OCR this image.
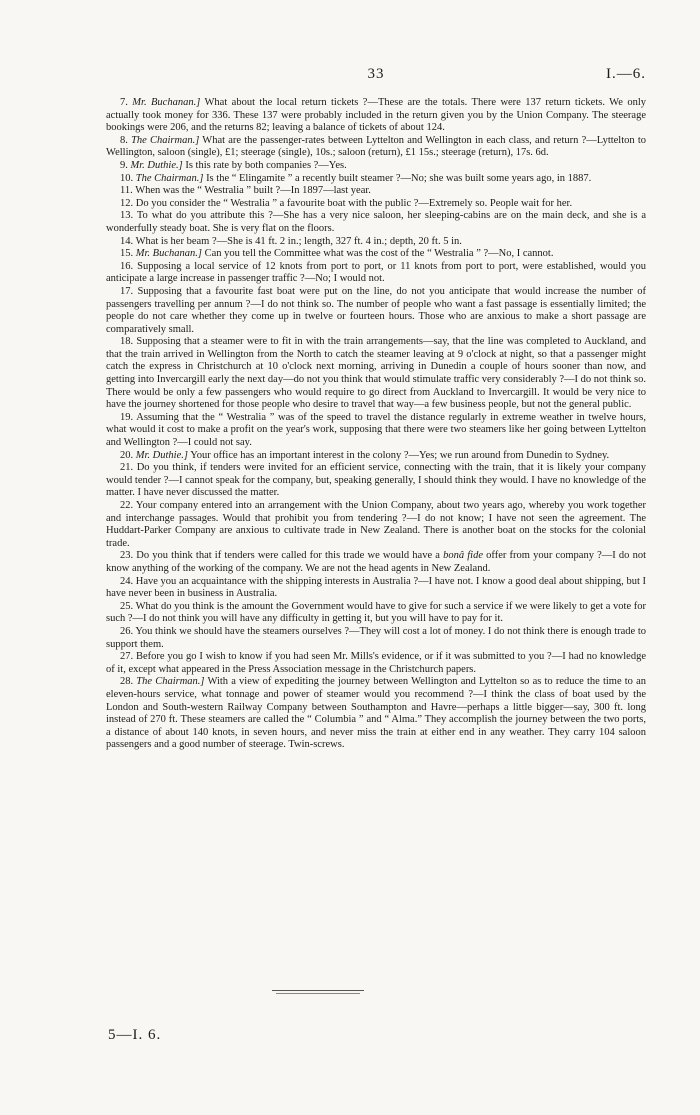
33	I.—6.

7. Mr. Buchanan.] What about the local return tickets ?—These are the totals. There were 137 return tickets. We only actually took money for 336. These 137 were probably included in the return given you by the Union Company. The steerage bookings were 206, and the returns 82; leaving a balance of tickets of about 124.

8. The Chairman.] What are the passenger-rates between Lyttelton and Wellington in each class, and return ?—Lyttelton to Wellington, saloon (single), £1; steerage (single), 10s.; saloon (return), £1 15s.; steerage (return), 17s. 6d.

9. Mr. Duthie.] Is this rate by both companies ?—Yes.

10. The Chairman.] Is the “ Elingamite ” a recently built steamer ?—No; she was built some years ago, in 1887.

11. When was the “ Westralia ” built ?—In 1897—last year.

12. Do you consider the “ Westralia ” a favourite boat with the public ?—Extremely so. People wait for her.

13. To what do you attribute this ?—She has a very nice saloon, her sleeping-cabins are on the main deck, and she is a wonderfully steady boat. She is very flat on the floors.

14. What is her beam ?—She is 41 ft. 2 in.; length, 327 ft. 4 in.; depth, 20 ft. 5 in.

15. Mr. Buchanan.] Can you tell the Committee what was the cost of the “ Westralia ” ?—No, I cannot.

16. Supposing a local service of 12 knots from port to port, or 11 knots from port to port, were established, would you anticipate a large increase in passenger traffic ?—No; I would not.

17. Supposing that a favourite fast boat were put on the line, do not you anticipate that would increase the number of passengers travelling per annum ?—I do not think so. The number of people who want a fast passage is essentially limited; the people do not care whether they come up in twelve or fourteen hours. Those who are anxious to make a short passage are comparatively small.

18. Supposing that a steamer were to fit in with the train arrangements—say, that the line was completed to Auckland, and that the train arrived in Wellington from the North to catch the steamer leaving at 9 o'clock at night, so that a passenger might catch the express in Christchurch at 10 o'clock next morning, arriving in Dunedin a couple of hours sooner than now, and getting into Invercargill early the next day—do not you think that would stimulate traffic very considerably ?—I do not think so. There would be only a few passengers who would require to go direct from Auckland to Invercargill. It would be very nice to have the journey shortened for those people who desire to travel that way—a few business people, but not the general public.

19. Assuming that the “ Westralia ” was of the speed to travel the distance regularly in extreme weather in twelve hours, what would it cost to make a profit on the year's work, supposing that there were two steamers like her going between Lyttelton and Wellington ?—I could not say.

20. Mr. Duthie.] Your office has an important interest in the colony ?—Yes; we run around from Dunedin to Sydney.

21. Do you think, if tenders were invited for an efficient service, connecting with the train, that it is likely your company would tender ?—I cannot speak for the company, but, speaking generally, I should think they would. I have no knowledge of the matter. I have never discussed the matter.

22. Your company entered into an arrangement with the Union Company, about two years ago, whereby you work together and interchange passages. Would that prohibit you from tendering ?—I do not know; I have not seen the agreement. The Huddart-Parker Company are anxious to cultivate trade in New Zealand. There is another boat on the stocks for the colonial trade.

23. Do you think that if tenders were called for this trade we would have a bonâ fide offer from your company ?—I do not know anything of the working of the company. We are not the head agents in New Zealand.

24. Have you an acquaintance with the shipping interests in Australia ?—I have not. I know a good deal about shipping, but I have never been in business in Australia.

25. What do you think is the amount the Government would have to give for such a service if we were likely to get a vote for such ?—I do not think you will have any difficulty in getting it, but you will have to pay for it.

26. You think we should have the steamers ourselves ?—They will cost a lot of money. I do not think there is enough trade to support them.

27. Before you go I wish to know if you had seen Mr. Mills's evidence, or if it was submitted to you ?—I had no knowledge of it, except what appeared in the Press Association message in the Christchurch papers.

28. The Chairman.] With a view of expediting the journey between Wellington and Lyttelton so as to reduce the time to an eleven-hours service, what tonnage and power of steamer would you recommend ?—I think the class of boat used by the London and South-western Railway Company between Southampton and Havre—perhaps a little bigger—say, 300 ft. long instead of 270 ft. These steamers are called the “ Columbia ” and “ Alma.” They accomplish the journey between the two ports, a distance of about 140 knots, in seven hours, and never miss the train at either end in any weather. They carry 104 saloon passengers and a good number of steerage. Twin-screws.

5—I. 6.
